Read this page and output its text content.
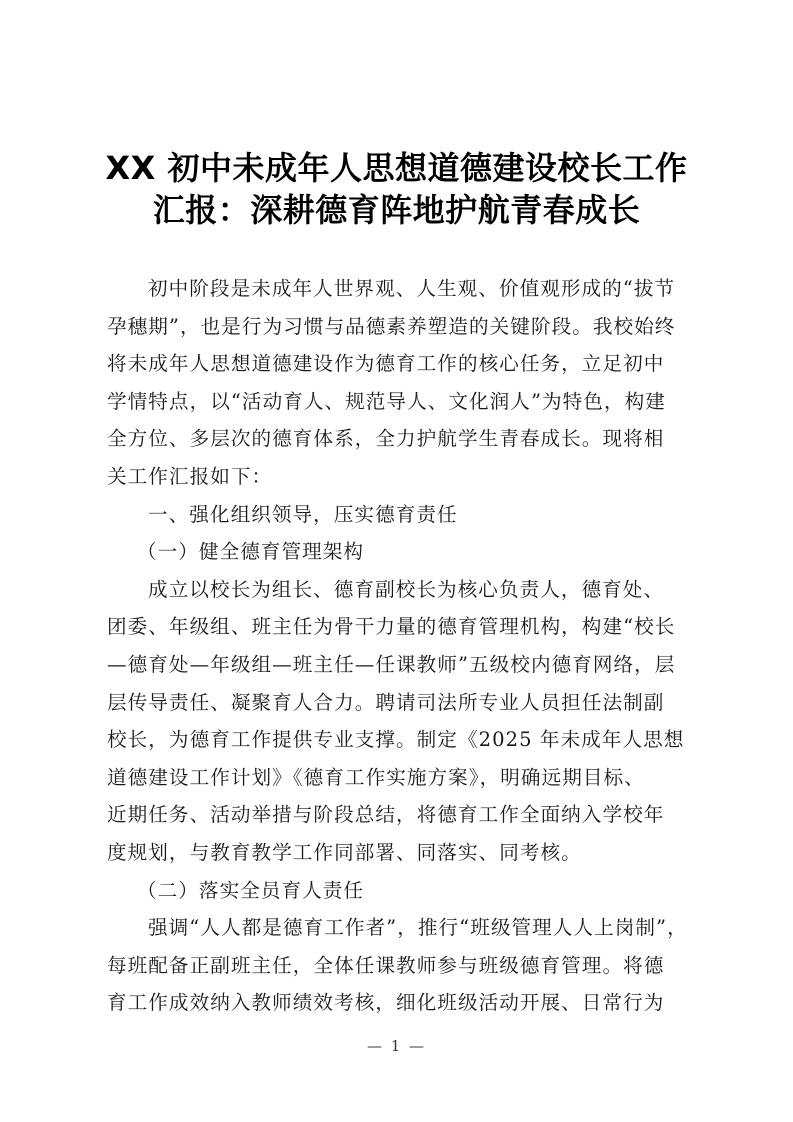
XX 初中未成年人思想道德建设校长工作
汇报：深耕德育阵地护航青春成长
初中阶段是未成年人世界观、人生观、价值观形成的“拔节
孕穗期”，也是行为习惯与品德素养塑造的关键阶段。我校始终
将未成年人思想道德建设作为德育工作的核心任务，立足初中
学情特点，以“活动育人、规范导人、文化润人”为特色，构建
全方位、多层次的德育体系，全力护航学生青春成长。现将相
关工作汇报如下：
一、强化组织领导，压实德育责任
（一）健全德育管理架构
成立以校长为组长、德育副校长为核心负责人，德育处、
团委、年级组、班主任为骨干力量的德育管理机构，构建“校长
—德育处—年级组—班主任—任课教师”五级校内德育网络，层
层传导责任、凝聚育人合力。聘请司法所专业人员担任法制副
校长，为德育工作提供专业支撑。制定《2025 年未成年人思想
道德建设工作计划》《德育工作实施方案》，明确远期目标、
近期任务、活动举措与阶段总结，将德育工作全面纳入学校年
度规划，与教育教学工作同部署、同落实、同考核。
（二）落实全员育人责任
强调“人人都是德育工作者”，推行“班级管理人人上岗制”，
每班配备正副班主任，全体任课教师参与班级德育管理。将德
育工作成效纳入教师绩效考核，细化班级活动开展、日常行为
— 1 —
